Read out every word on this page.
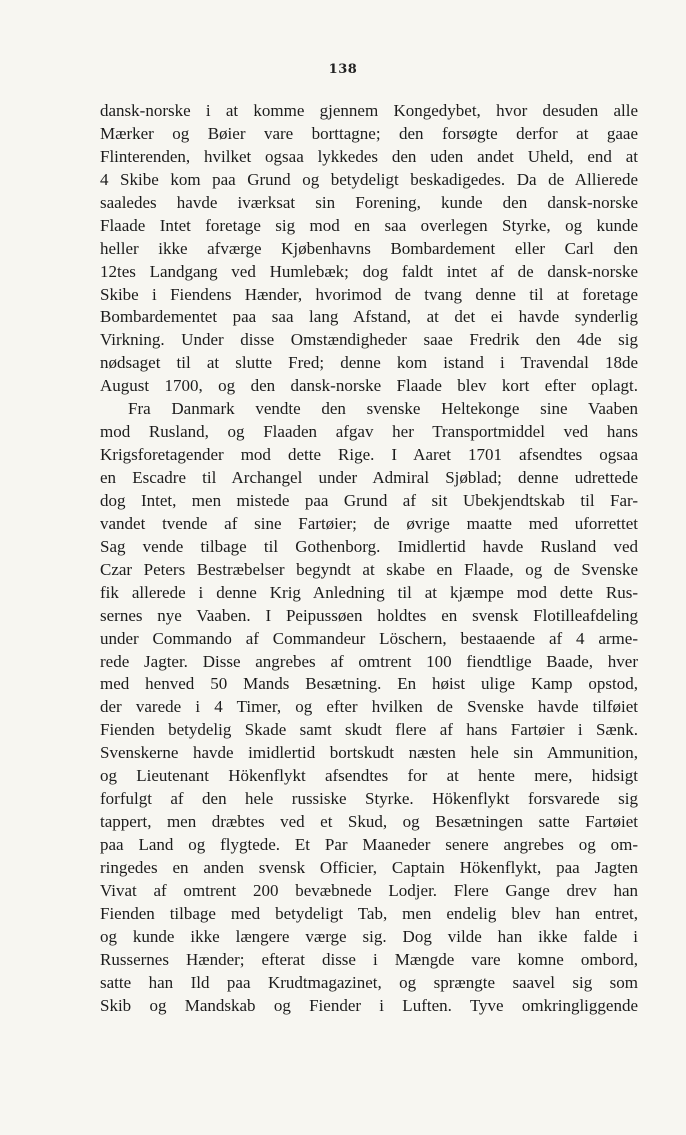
138
dansk-norske i at komme gjennem Kongedybet, hvor desuden alle
Mærker og Bøier vare borttagne; den forsøgte derfor at gaae
Flinterenden, hvilket ogsaa lykkedes den uden andet Uheld, end at
4 Skibe kom paa Grund og betydeligt beskadigedes. Da de Allierede
saaledes havde iværksat sin Forening, kunde den dansk-norske
Flaade Intet foretage sig mod en saa overlegen Styrke, og kunde
heller ikke afværge Kjøbenhavns Bombardement eller Carl den
12tes Landgang ved Humlebæk; dog faldt intet af de dansk-norske
Skibe i Fiendens Hænder, hvorimod de tvang denne til at foretage
Bombardementet paa saa lang Afstand, at det ei havde synderlig
Virkning. Under disse Omstændigheder saae Fredrik den 4de sig
nødsaget til at slutte Fred; denne kom istand i Travendal 18de
August 1700, og den dansk-norske Flaade blev kort efter oplagt.
Fra Danmark vendte den svenske Heltekonge sine Vaaben
mod Rusland, og Flaaden afgav her Transportmiddel ved hans
Krigsforetagender mod dette Rige. I Aaret 1701 afsendtes ogsaa
en Escadre til Archangel under Admiral Sjøblad; denne udrettede
dog Intet, men mistede paa Grund af sit Ubekjendtskab til Far-
vandet tvende af sine Fartøier; de øvrige maatte med uforrettet
Sag vende tilbage til Gothenborg. Imidlertid havde Rusland ved
Czar Peters Bestræbelser begyndt at skabe en Flaade, og de Svenske
fik allerede i denne Krig Anledning til at kjæmpe mod dette Rus-
sernes nye Vaaben. I Peipussøen holdtes en svensk Flotilleafdeling
under Commando af Commandeur Löschern, bestaaende af 4 arme-
rede Jagter. Disse angrebes af omtrent 100 fiendtlige Baade, hver
med henved 50 Mands Besætning. En høist ulige Kamp opstod,
der varede i 4 Timer, og efter hvilken de Svenske havde tilføiet
Fienden betydelig Skade samt skudt flere af hans Fartøier i Sænk.
Svenskerne havde imidlertid bortskudt næsten hele sin Ammunition,
og Lieutenant Hökenflykt afsendtes for at hente mere, hidsigt
forfulgt af den hele russiske Styrke. Hökenflykt forsvarede sig
tappert, men dræbtes ved et Skud, og Besætningen satte Fartøiet
paa Land og flygtede. Et Par Maaneder senere angrebes og om-
ringedes en anden svensk Officier, Captain Hökenflykt, paa Jagten
Vivat af omtrent 200 bevæbnede Lodjer. Flere Gange drev han
Fienden tilbage med betydeligt Tab, men endelig blev han entret,
og kunde ikke længere værge sig. Dog vilde han ikke falde i
Russernes Hænder; efterat disse i Mængde vare komne ombord,
satte han Ild paa Krudtmagazinet, og sprængte saavel sig som
Skib og Mandskab og Fiender i Luften. Tyve omkringliggende
